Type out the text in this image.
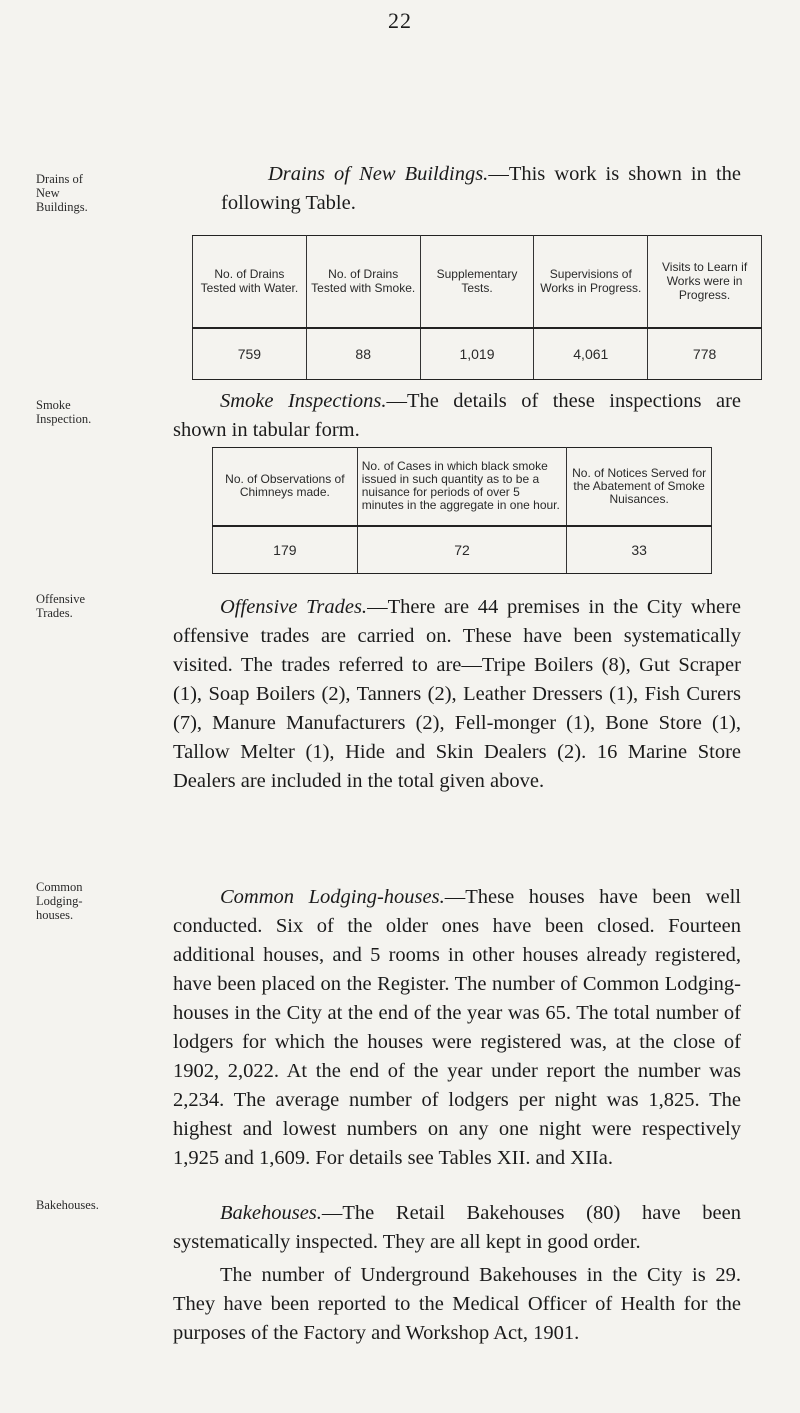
22
Drains of
New
Buildings.
Smoke
Inspection.
Offensive
Trades.
Common
Lodging-
houses.
Bakehouses.

Drains of New Buildings.—This work is shown in the following Table.

No. of Drains Tested with Water.	No. of Drains Tested with Smoke.	Supplementary Tests.	Supervisions of Works in Progress.	Visits to Learn if Works were in Progress.
759	88	1,019	4,061	778

Smoke Inspections.—The details of these inspections are shown in tabular form.

No. of Observations of Chimneys made.	No. of Cases in which black smoke issued in such quantity as to be a nuisance for periods of over 5 minutes in the aggregate in one hour.	No. of Notices Served for the Abatement of Smoke Nuisances.
179	72	33

Offensive Trades.—There are 44 premises in the City where offensive trades are carried on. These have been systematically visited. The trades referred to are—Tripe Boilers (8), Gut Scraper (1), Soap Boilers (2), Tanners (2), Leather Dressers (1), Fish Curers (7), Manure Manufacturers (2), Fell-monger (1), Bone Store (1), Tallow Melter (1), Hide and Skin Dealers (2). 16 Marine Store Dealers are included in the total given above.

Common Lodging-houses.—These houses have been well conducted. Six of the older ones have been closed. Fourteen additional houses, and 5 rooms in other houses already registered, have been placed on the Register. The number of Common Lodging-houses in the City at the end of the year was 65. The total number of lodgers for which the houses were registered was, at the close of 1902, 2,022. At the end of the year under report the number was 2,234. The average number of lodgers per night was 1,825. The highest and lowest numbers on any one night were respectively 1,925 and 1,609. For details see Tables XII. and XIIa.

Bakehouses.—The Retail Bakehouses (80) have been systematically inspected. They are all kept in good order.

The number of Underground Bakehouses in the City is 29. They have been reported to the Medical Officer of Health for the purposes of the Factory and Workshop Act, 1901.
